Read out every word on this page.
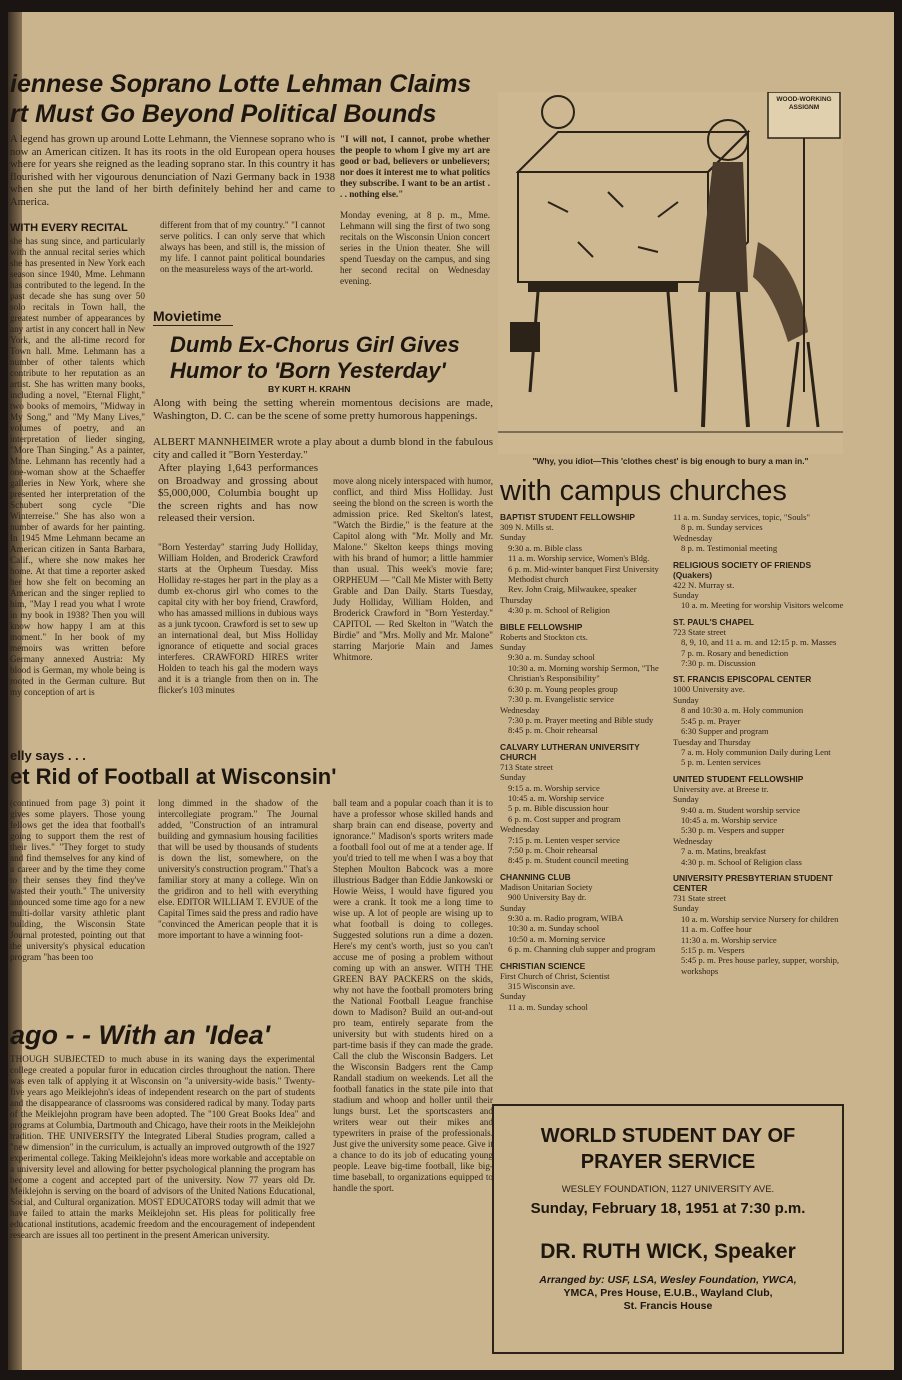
iennese Soprano Lotte Lehman Claims
rt Must Go Beyond Political Bounds
A legend has grown up around Lotte Lehmann, the Viennese soprano who is now an American citizen. It has its roots in the old European opera houses where for years she reigned as the leading soprano star. In this country it has flourished with her vigourous denunciation of Nazi Germany back in 1938 when she put the land of her birth definitely behind her and came to America.
WITH EVERY RECITAL
she has sung since, and particularly with the annual recital series which she has presented in New York each season since 1940, Mme. Lehmann has contributed to the legend. In the past decade she has sung over 50 solo recitals in Town hall, the greatest number of appearances by any artist in any concert hall in New York, and the all-time record for Town hall. Mme. Lehmann has a number of other talents which contribute to her reputation as an artist. She has written many books, including a novel, "Eternal Flight," two books of memoirs, "Midway in My Song," and "My Many Lives," volumes of poetry, and an interpretation of lieder singing, "More Than Singing." As a painter, Mme. Lehmann has recently had a one-woman show at the Schaeffer galleries in New York, where she presented her interpretation of the Schubert song cycle "Die Winterreise." She has also won a number of awards for her painting. In 1945 Mme Lehmann became an American citizen in Santa Barbara, Calif., where she now makes her home. At that time a reporter asked her how she felt on becoming an American and the singer replied to him, "May I read you what I wrote in my book in 1938? Then you will know how happy I am at this moment." In her book of my memoirs was written before Germany annexed Austria: My blood is German, my whole being is rooted in the German culture. But my conception of art is
different from that of my country." "I cannot serve politics. I can only serve that which always has been, and still is, the mission of my life. I cannot paint political boundaries on the measureless ways of the art-world.
"I will not, I cannot, probe whether the people to whom I give my art are good or bad, believers or unbelievers; nor does it interest me to what politics they subscribe. I want to be an artist . . . nothing else."
Monday evening, at 8 p. m., Mme. Lehmann will sing the first of two song recitals on the Wisconsin Union concert series in the Union theater. She will spend Tuesday on the campus, and sing her second recital on Wednesday evening.
WOOD-WORKING ASSIGNM
"Why, you idiot—This 'clothes chest' is big enough to bury a man in."
Movietime
Dumb Ex-Chorus Girl Gives
Humor to 'Born Yesterday'
BY KURT H. KRAHN
Along with being the setting wherein momentous decisions are made, Washington, D. C. can be the scene of some pretty humorous happenings.
ALBERT MANNHEIMER wrote a play about a dumb blond in the fabulous city and called it "Born Yesterday."
After playing 1,643 performances on Broadway and grossing about $5,000,000, Columbia bought up the screen rights and has now released their version.
"Born Yesterday" starring Judy Holliday, William Holden, and Broderick Crawford starts at the Orpheum Tuesday. Miss Holliday re-stages her part in the play as a dumb ex-chorus girl who comes to the capital city with her boy friend, Crawford, who has amassed millions in dubious ways as a junk tycoon. Crawford is set to sew up an international deal, but Miss Holliday ignorance of etiquette and social graces interferes. CRAWFORD HIRES writer Holden to teach his gal the modern ways and it is a triangle from then on in. The flicker's 103 minutes
move along nicely interspaced with humor, conflict, and third Miss Holliday. Just seeing the blond on the screen is worth the admission price. Red Skelton's latest, "Watch the Birdie," is the feature at the Capitol along with "Mr. Molly and Mr. Malone." Skelton keeps things moving with his brand of humor; a little hammier than usual. This week's movie fare; ORPHEUM — "Call Me Mister with Betty Grable and Dan Daily. Starts Tuesday, Judy Holliday, William Holden, and Broderick Crawford in "Born Yesterday." CAPITOL — Red Skelton in "Watch the Birdie" and "Mrs. Molly and Mr. Malone" starring Marjorie Main and James Whitmore.
elly says . . .
et Rid of Football at Wisconsin'
(continued from page 3) point it gives some players. Those young fellows get the idea that football's going to support them the rest of their lives." "They forget to study and find themselves for any kind of a career and by the time they come to their senses they find they've wasted their youth." The university announced some time ago for a new multi-dollar varsity athletic plant building, the Wisconsin State Journal protested, pointing out that the university's physical education program "has been too
long dimmed in the shadow of the intercollegiate program." The Journal added, "Construction of an intramural building and gymnasium housing facilities that will be used by thousands of students is down the list, somewhere, on the university's construction program." That's a familiar story at many a college. Win on the gridiron and to hell with everything else. EDITOR WILLIAM T. EVJUE of the Capital Times said the press and radio have "convinced the American people that it is more important to have a winning foot-
ball team and a popular coach than it is to have a professor whose skilled hands and sharp brain can end disease, poverty and ignorance." Madison's sports writers made a football fool out of me at a tender age. If you'd tried to tell me when I was a boy that Stephen Moulton Babcock was a more illustrious Badger than Eddie Jankowski or Howie Weiss, I would have figured you were a crank. It took me a long time to wise up. A lot of people are wising up to what football is doing to colleges. Suggested solutions run a dime a dozen. Here's my cent's worth, just so you can't accuse me of posing a problem without coming up with an answer. WITH THE GREEN BAY PACKERS on the skids, why not have the football promoters bring the National Football League franchise down to Madison? Build an out-and-out pro team, entirely separate from the university but with students hired on a part-time basis if they can made the grade. Call the club the Wisconsin Badgers. Let the Wisconsin Badgers rent the Camp Randall stadium on weekends. Let all the football fanatics in the state pile into that stadium and whoop and holler until their lungs burst. Let the sportscasters and writers wear out their mikes and typewriters in praise of the professionals. Just give the university some peace. Give it a chance to do its job of educating young people. Leave big-time football, like big-time baseball, to organizations equipped to handle the sport.
ago - - With an 'Idea'
THOUGH SUBJECTED to much abuse in its waning days the experimental college created a popular furor in education circles throughout the nation. There was even talk of applying it at Wisconsin on "a university-wide basis." Twenty-five years ago Meiklejohn's ideas of independent research on the part of students and the disappearance of classrooms was considered radical by many. Today parts of the Meiklejohn program have been adopted. The "100 Great Books Idea" and programs at Columbia, Dartmouth and Chicago, have their roots in the Meiklejohn tradition. THE UNIVERSITY the Integrated Liberal Studies program, called a "new dimension" in the curriculum, is actually an improved outgrowth of the 1927 experimental college. Taking Meiklejohn's ideas more workable and acceptable on a university level and allowing for better psychological planning the program has become a cogent and accepted part of the university. Now 77 years old Dr. Meiklejohn is serving on the board of advisors of the United Nations Educational, Social, and Cultural organization. MOST EDUCATORS today will admit that we have failed to attain the marks Meiklejohn set. His pleas for politically free educational institutions, academic freedom and the encouragement of independent research are issues all too pertinent in the present American university.
with campus churches
BAPTIST STUDENT FELLOWSHIP
309 N. Mills st.
Sunday
9:30 a. m. Bible class
11 a. m. Worship service, Women's Bldg.
6 p. m. Mid-winter banquet First University Methodist church
Rev. John Craig, Milwaukee, speaker
Thursday
4:30 p. m. School of Religion
BIBLE FELLOWSHIP
Roberts and Stockton cts.
Sunday
9:30 a. m. Sunday school
10:30 a. m. Morning worship Sermon, "The Christian's Responsibility"
6:30 p. m. Young peoples group
7:30 p. m. Evangelistic service
Wednesday
7:30 p. m. Prayer meeting and Bible study
8:45 p. m. Choir rehearsal
CALVARY LUTHERAN UNIVERSITY CHURCH
713 State street
Sunday
9:15 a. m. Worship service
10:45 a. m. Worship service
5 p. m. Bible discussion hour
6 p. m. Cost supper and program
Wednesday
7:15 p. m. Lenten vesper service
7:50 p. m. Choir rehearsal
8:45 p. m. Student council meeting
CHANNING CLUB
Madison Unitarian Society
900 University Bay dr.
Sunday
9:30 a. m. Radio program, WIBA
10:30 a. m. Sunday school
10:50 a. m. Morning service
6 p. m. Channing club supper and program
CHRISTIAN SCIENCE
First Church of Christ, Scientist
315 Wisconsin ave.
Sunday
11 a. m. Sunday school
11 a. m. Sunday services, topic, "Souls"
8 p. m. Sunday services
Wednesday
8 p. m. Testimonial meeting
RELIGIOUS SOCIETY OF FRIENDS (Quakers)
422 N. Murray st.
Sunday
10 a. m. Meeting for worship Visitors welcome
ST. PAUL'S CHAPEL
723 State street
8, 9, 10, and 11 a. m. and 12:15 p. m. Masses
7 p. m. Rosary and benediction
7:30 p. m. Discussion
ST. FRANCIS EPISCOPAL CENTER
1000 University ave.
Sunday
8 and 10:30 a. m. Holy communion
5:45 p. m. Prayer
6:30 Supper and program
Tuesday and Thursday
7 a. m. Holy communion Daily during Lent
5 p. m. Lenten services
UNITED STUDENT FELLOWSHIP
University ave. at Breese tr.
Sunday
9:40 a. m. Student worship service
10:45 a. m. Worship service
5:30 p. m. Vespers and supper
Wednesday
7 a. m. Matins, breakfast
4:30 p. m. School of Religion class
UNIVERSITY PRESBYTERIAN STUDENT CENTER
731 State street
Sunday
10 a. m. Worship service Nursery for children
11 a. m. Coffee hour
11:30 a. m. Worship service
5:15 p. m. Vespers
5:45 p. m. Pres house parley, supper, worship, workshops
WORLD STUDENT DAY OF
PRAYER SERVICE
WESLEY FOUNDATION, 1127 UNIVERSITY AVE.
Sunday, February 18, 1951 at 7:30 p.m.
DR. RUTH WICK, Speaker
Arranged by: USF, LSA, Wesley Foundation, YWCA,
YMCA, Pres House, E.U.B., Wayland Club,
St. Francis House
